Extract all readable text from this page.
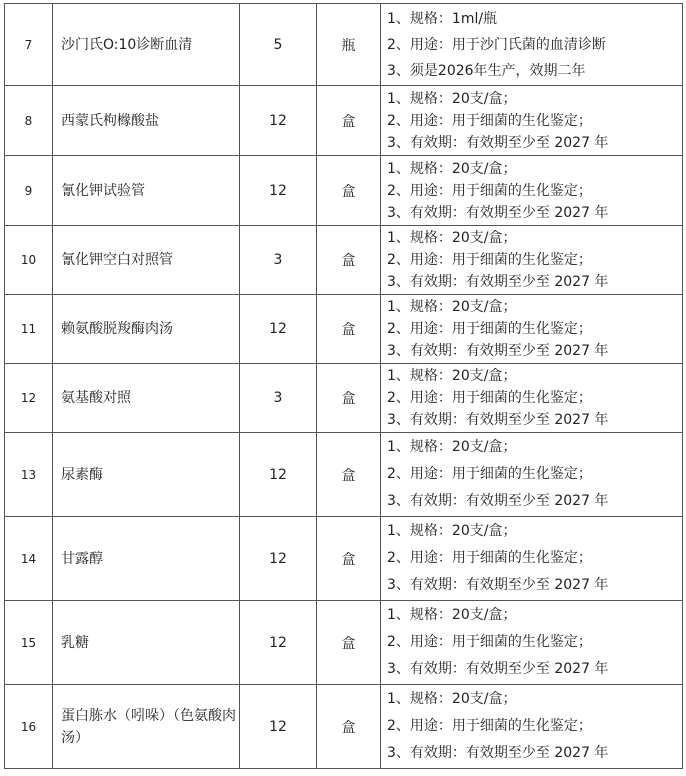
7	沙门氏O:10诊断血清	5	瓶	1、规格：1ml/瓶
2、用途：用于沙门氏菌的血清诊断
3、须是2026年生产，效期二年

8	西蒙氏枸橼酸盐	12	盒	1、规格：20支/盒；
2、用途：用于细菌的生化鉴定；
3、有效期：有效期至少至 2027 年

9	氰化钾试验管	12	盒	1、规格：20支/盒；
2、用途：用于细菌的生化鉴定；
3、有效期：有效期至少至 2027 年

10	氰化钾空白对照管	3	盒	1、规格：20支/盒；
2、用途：用于细菌的生化鉴定；
3、有效期：有效期至少至 2027 年

11	赖氨酸脱羧酶肉汤	12	盒	1、规格：20支/盒；
2、用途：用于细菌的生化鉴定；
3、有效期：有效期至少至 2027 年

12	氨基酸对照	3	盒	1、规格：20支/盒；
2、用途：用于细菌的生化鉴定；
3、有效期：有效期至少至 2027 年

13	尿素酶	12	盒	1、规格：20支/盒；
2、用途：用于细菌的生化鉴定；
3、有效期：有效期至少至 2027 年

14	甘露醇	12	盒	1、规格：20支/盒；
2、用途：用于细菌的生化鉴定；
3、有效期：有效期至少至 2027 年

15	乳糖	12	盒	1、规格：20支/盒；
2、用途：用于细菌的生化鉴定；
3、有效期：有效期至少至 2027 年

16	蛋白胨水（吲哚）（色氨酸肉汤）	12	盒	1、规格：20支/盒；
2、用途：用于细菌的生化鉴定；
3、有效期：有效期至少至 2027 年
